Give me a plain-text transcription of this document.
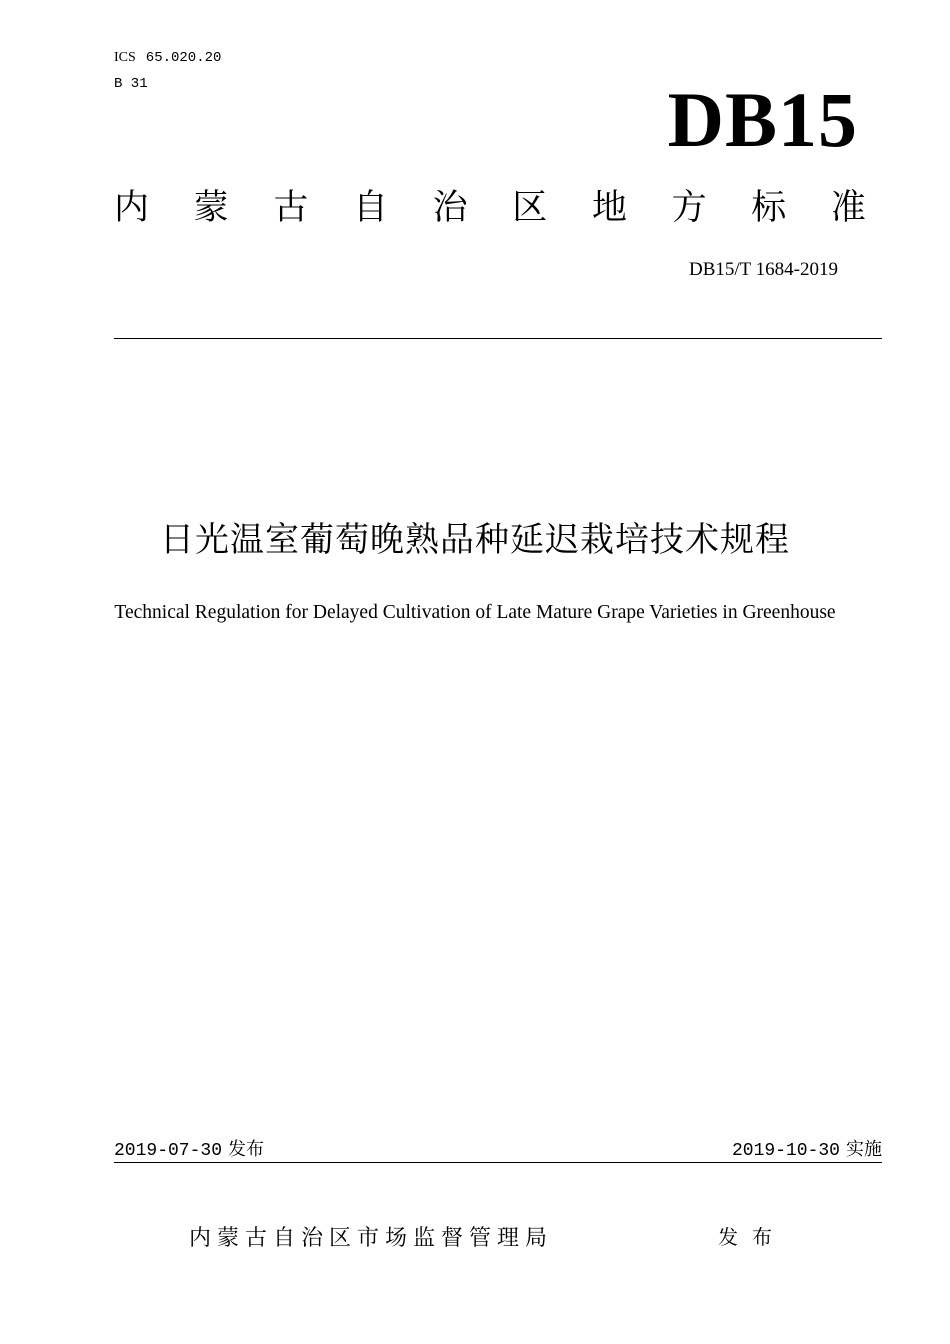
ICS 65.020.20
B 31	DB15
内 蒙 古 自 治 区 地 方 标 准
DB15/T 1684-2019
日光温室葡萄晚熟品种延迟栽培技术规程
Technical Regulation for Delayed Cultivation of Late Mature Grape Varieties in Greenhouse
2019-07-30 发布	2019-10-30 实施
内蒙古自治区市场监督管理局	发布
